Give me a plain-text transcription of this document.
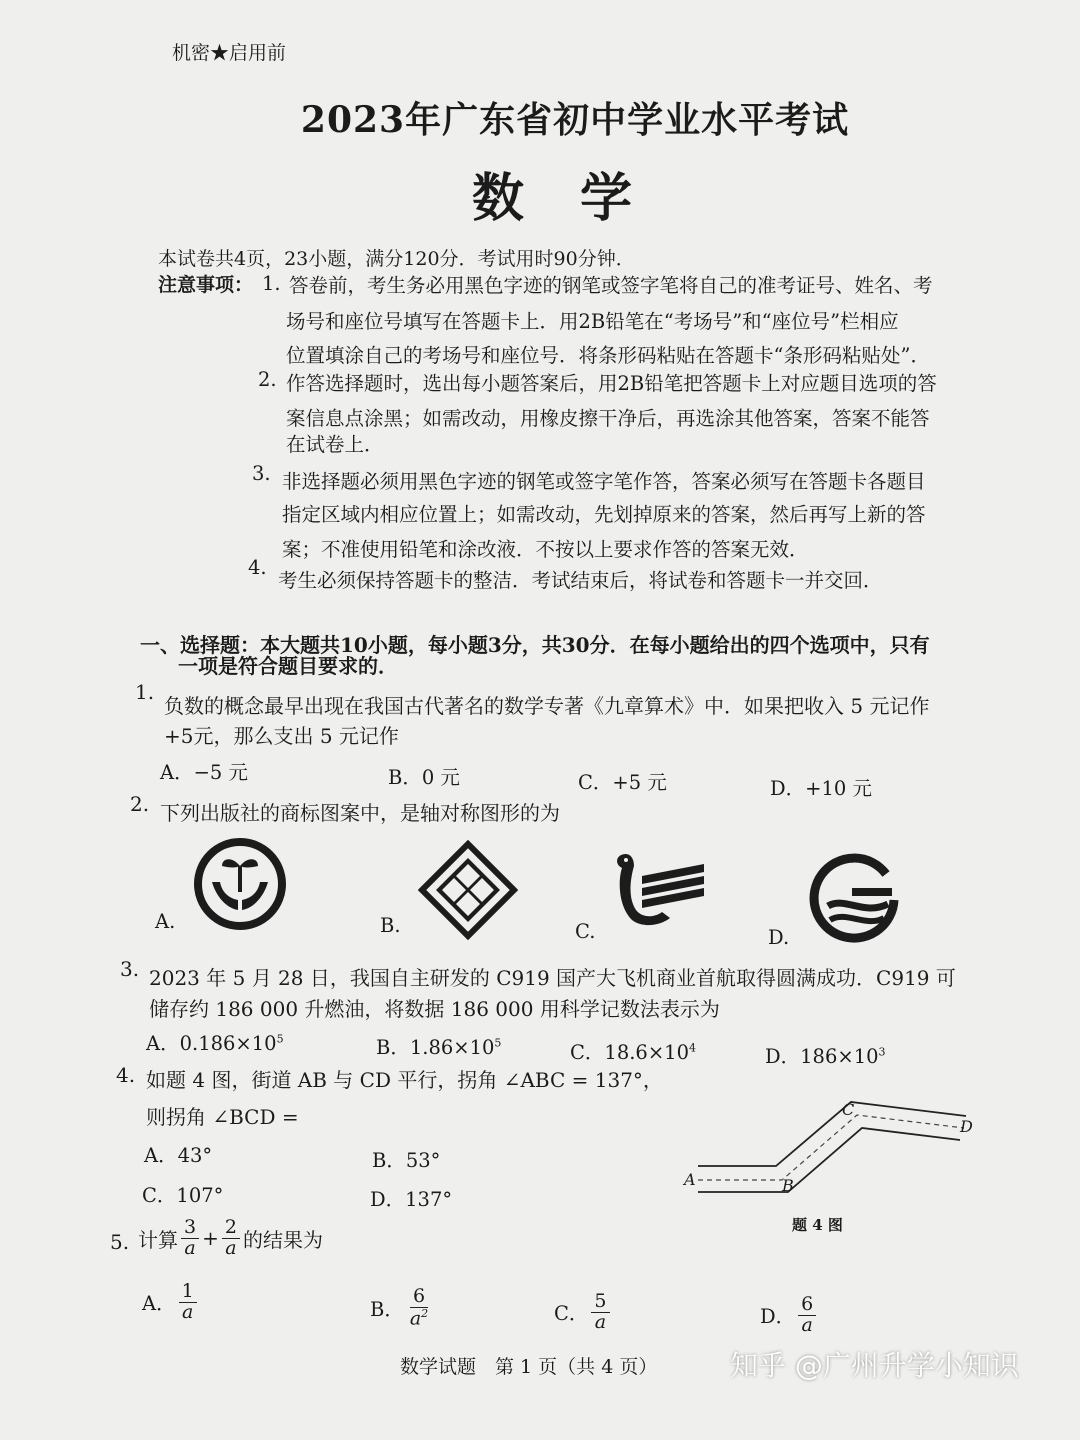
机密★启用前
2023年广东省初中学业水平考试
数学
本试卷共4页，23小题，满分120分．考试用时90分钟．
注意事项： 1. 答卷前，考生务必用黑色字迹的钢笔或签字笔将自己的准考证号、姓名、考
场号和座位号填写在答题卡上．用2B铅笔在“考场号”和“座位号”栏相应
位置填涂自己的考场号和座位号．将条形码粘贴在答题卡“条形码粘贴处”．
2. 作答选择题时，选出每小题答案后，用2B铅笔把答题卡上对应题目选项的答
案信息点涂黑；如需改动，用橡皮擦干净后，再选涂其他答案，答案不能答
在试卷上．
3. 非选择题必须用黑色字迹的钢笔或签字笔作答，答案必须写在答题卡各题目
指定区域内相应位置上；如需改动，先划掉原来的答案，然后再写上新的答
案；不准使用铅笔和涂改液．不按以上要求作答的答案无效．
4.
考生必须保持答题卡的整洁．考试结束后，将试卷和答题卡一并交回．
一、选择题：本大题共10小题，每小题3分，共30分．在每小题给出的四个选项中，只有
一项是符合题目要求的．
1.
负数的概念最早出现在我国古代著名的数学专著《九章算术》中．如果把收入 5 元记作
+5元，那么支出 5 元记作
A．−5 元	B．0 元	C．+5 元	D．+10 元
2. 下列出版社的商标图案中，是轴对称图形的为
A.	B.	C.	D.
3. 2023 年 5 月 28 日，我国自主研发的 C919 国产大飞机商业首航取得圆满成功．C919 可
储存约 186 000 升燃油，将数据 186 000 用科学记数法表示为
A．$0.186\times 10^5$	B．$1.86\times 10^5$	C．$18.6\times 10^4$	D．$186\times 10^3$
4. 如题 4 图，街道 AB 与 CD 平行，拐角 ∠ABC = 137°，
则拐角 ∠BCD =
A．43°	B．53°
C．107°	D．137°
A	B
C
D
题 4 图
5. 计算 $\frac{3}{a} + \frac{2}{a}$ 的结果为
A． $\frac{1}{a}$	B． $\frac{6}{a^2}$	C． $\frac{5}{a}$	D． $\frac{6}{a}$
数学试题　第 1 页（共 4 页）	知乎 @广州升学小知识
